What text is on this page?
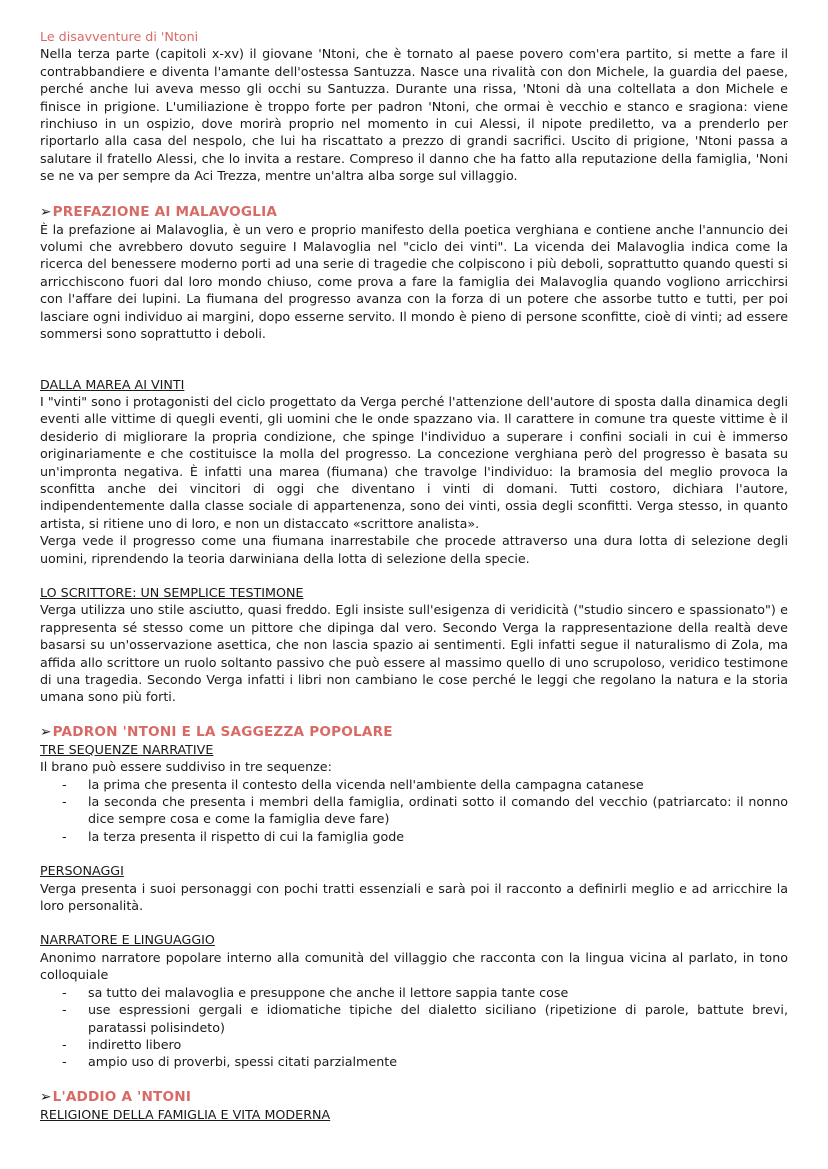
Le disavventure di 'Ntoni

Nella terza parte (capitoli x-xv) il giovane 'Ntoni, che è tornato al paese povero com'era partito, si mette a fare il contrabbandiere e diventa l'amante dell'ostessa Santuzza. Nasce una rivalità con don Michele, la guardia del paese, perché anche lui aveva messo gli occhi su Santuzza. Durante una rissa, 'Ntoni dà una coltellata a don Michele e finisce in prigione. L'umiliazione è troppo forte per padron 'Ntoni, che ormai è vecchio e stanco e sragiona: viene rinchiuso in un ospizio, dove morirà proprio nel momento in cui Alessi, il nipote prediletto, va a prenderlo per riportarlo alla casa del nespolo, che lui ha riscattato a prezzo di grandi sacrifici. Uscito di prigione, 'Ntoni passa a salutare il fratello Alessi, che lo invita a restare. Compreso il danno che ha fatto alla reputazione della famiglia, 'Noni se ne va per sempre da Aci Trezza, mentre un'altra alba sorge sul villaggio.

➢PREFAZIONE AI MALAVOGLIA

È la prefazione ai Malavoglia, è un vero e proprio manifesto della poetica verghiana e contiene anche l'annuncio dei volumi che avrebbero dovuto seguire I Malavoglia nel "ciclo dei vinti". La vicenda dei Malavoglia indica come la ricerca del benessere moderno porti ad una serie di tragedie che colpiscono i più deboli, soprattutto quando questi si arricchiscono fuori dal loro mondo chiuso, come prova a fare la famiglia dei Malavoglia quando vogliono arricchirsi con l'affare dei lupini. La fiumana del progresso avanza con la forza di un potere che assorbe tutto e tutti, per poi lasciare ogni individuo ai margini, dopo esserne servito. Il mondo è pieno di persone sconfitte, cioè di vinti; ad essere sommersi sono soprattutto i deboli.

DALLA MAREA AI VINTI

I "vinti" sono i protagonisti del ciclo progettato da Verga perché l'attenzione dell'autore di sposta dalla dinamica degli eventi alle vittime di quegli eventi, gli uomini che le onde spazzano via. Il carattere in comune tra queste vittime è il desiderio di migliorare la propria condizione, che spinge l'individuo a superare i confini sociali in cui è immerso originariamente e che costituisce la molla del progresso. La concezione verghiana però del progresso è basata su un'impronta negativa. È infatti una marea (fiumana) che travolge l'individuo: la bramosia del meglio provoca la sconfitta anche dei vincitori di oggi che diventano i vinti di domani. Tutti costoro, dichiara l'autore, indipendentemente dalla classe sociale di appartenenza, sono dei vinti, ossia degli sconfitti. Verga stesso, in quanto artista, si ritiene uno di loro, e non un distaccato «scrittore analista».

Verga vede il progresso come una fiumana inarrestabile che procede attraverso una dura lotta di selezione degli uomini, riprendendo la teoria darwiniana della lotta di selezione della specie.

LO SCRITTORE: UN SEMPLICE TESTIMONE

Verga utilizza uno stile asciutto, quasi freddo. Egli insiste sull'esigenza di veridicità ("studio sincero e spassionato") e rappresenta sé stesso come un pittore che dipinga dal vero. Secondo Verga la rappresentazione della realtà deve basarsi su un'osservazione asettica, che non lascia spazio ai sentimenti. Egli infatti segue il naturalismo di Zola, ma affida allo scrittore un ruolo soltanto passivo che può essere al massimo quello di uno scrupoloso, veridico testimone di una tragedia. Secondo Verga infatti i libri non cambiano le cose perché le leggi che regolano la natura e la storia umana sono più forti.

➢PADRON 'NTONI E LA SAGGEZZA POPOLARE

TRE SEQUENZE NARRATIVE

Il brano può essere suddiviso in tre sequenze:

- la prima che presenta il contesto della vicenda nell'ambiente della campagna catanese
- la seconda che presenta i membri della famiglia, ordinati sotto il comando del vecchio (patriarcato: il nonno dice sempre cosa e come la famiglia deve fare)
- la terza presenta il rispetto di cui la famiglia gode

PERSONAGGI

Verga presenta i suoi personaggi con pochi tratti essenziali e sarà poi il racconto a definirli meglio e ad arricchire la loro personalità.

NARRATORE E LINGUAGGIO

Anonimo narratore popolare interno alla comunità del villaggio che racconta con la lingua vicina al parlato, in tono colloquiale

- sa tutto dei malavoglia e presuppone che anche il lettore sappia tante cose
- use espressioni gergali e idiomatiche tipiche del dialetto siciliano (ripetizione di parole, battute brevi, paratassi polisindeto)
- indiretto libero
- ampio uso di proverbi, spessi citati parzialmente

➢L'ADDIO A 'NTONI

RELIGIONE DELLA FAMIGLIA E VITA MODERNA
